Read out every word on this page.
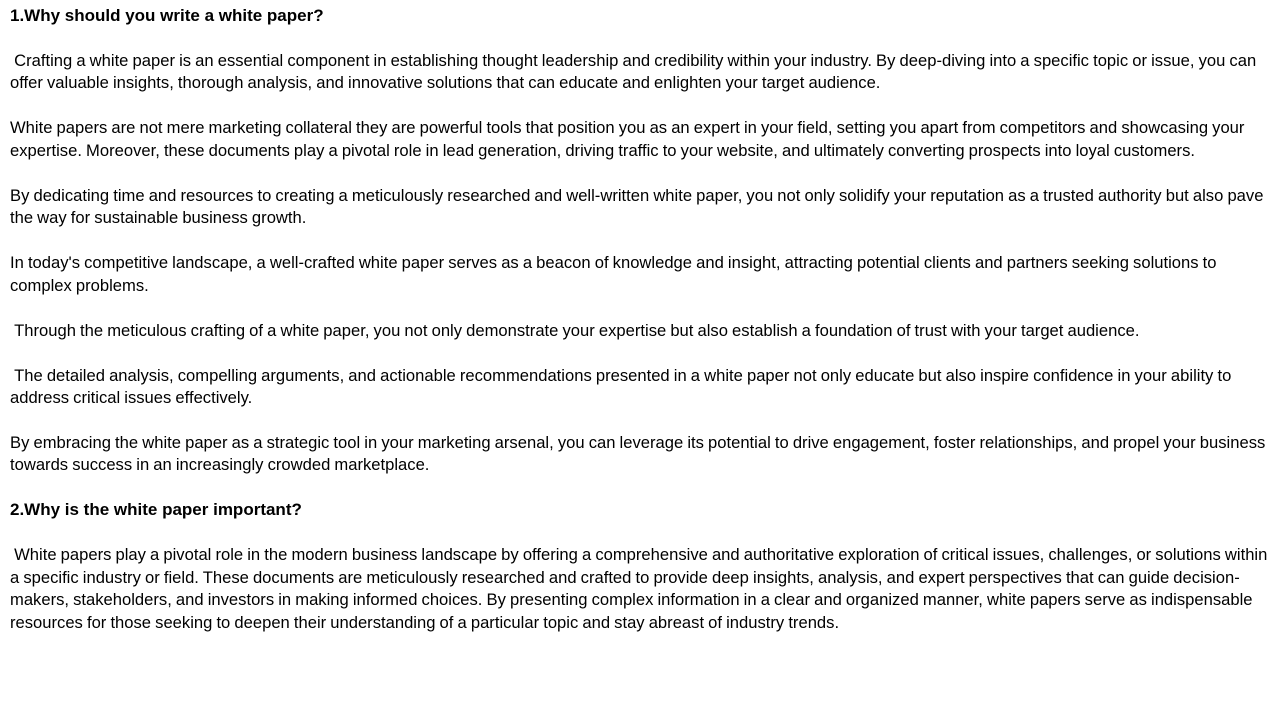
1.Why should you write a white paper?
Crafting a white paper is an essential component in establishing thought leadership and credibility within your industry. By deep-diving into a specific topic or issue, you can offer valuable insights, thorough analysis, and innovative solutions that can educate and enlighten your target audience.
White papers are not mere marketing collateral they are powerful tools that position you as an expert in your field, setting you apart from competitors and showcasing your expertise. Moreover, these documents play a pivotal role in lead generation, driving traffic to your website, and ultimately converting prospects into loyal customers.
By dedicating time and resources to creating a meticulously researched and well-written white paper, you not only solidify your reputation as a trusted authority but also pave the way for sustainable business growth.
In today's competitive landscape, a well-crafted white paper serves as a beacon of knowledge and insight, attracting potential clients and partners seeking solutions to complex problems.
Through the meticulous crafting of a white paper, you not only demonstrate your expertise but also establish a foundation of trust with your target audience.
The detailed analysis, compelling arguments, and actionable recommendations presented in a white paper not only educate but also inspire confidence in your ability to address critical issues effectively.
By embracing the white paper as a strategic tool in your marketing arsenal, you can leverage its potential to drive engagement, foster relationships, and propel your business towards success in an increasingly crowded marketplace.
2.Why is the white paper important?
White papers play a pivotal role in the modern business landscape by offering a comprehensive and authoritative exploration of critical issues, challenges, or solutions within a specific industry or field. These documents are meticulously researched and crafted to provide deep insights, analysis, and expert perspectives that can guide decision-makers, stakeholders, and investors in making informed choices. By presenting complex information in a clear and organized manner, white papers serve as indispensable resources for those seeking to deepen their understanding of a particular topic and stay abreast of industry trends.
